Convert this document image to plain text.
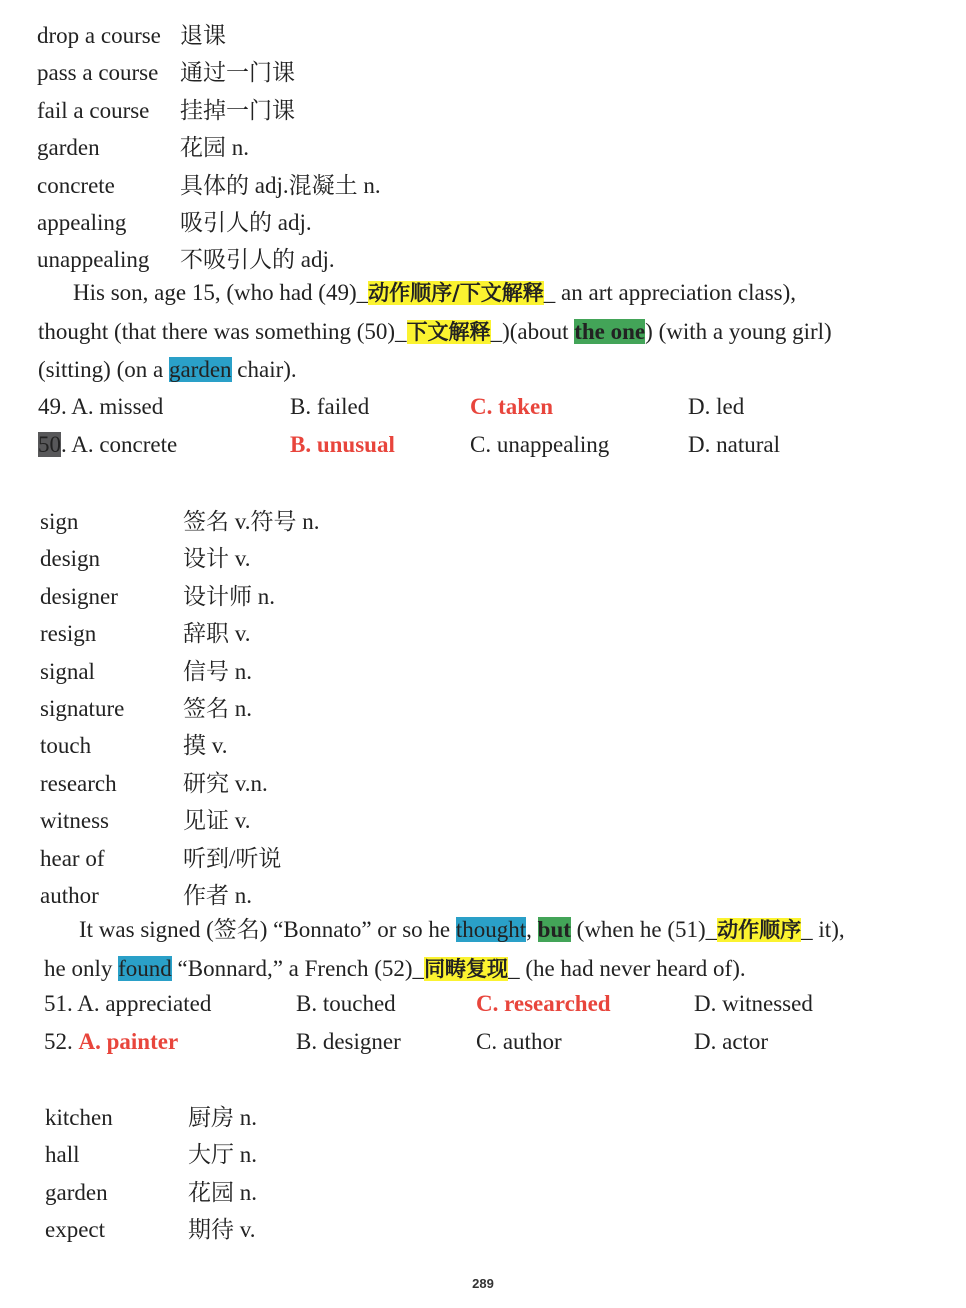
drop a course 退课
pass a course 通过一门课
fail a course 挂掉一门课
garden	花园 n.
concrete	具体的 adj.混凝土 n.
appealing 吸引人的 adj.
unappealing 不吸引人的 adj.
His son, age 15, (who had (49)_动作顺序/下文解释_ an art appreciation class),
thought (that there was something (50)_下文解释_)(about the one) (with a young girl)
(sitting) (on a garden chair).
49. A. missed	B. failed	C. taken	D. led
50. A. concrete	B. unusual	C. unappealing	D. natural
sign	签名 v.符号 n.
design	设计 v.
designer	设计师 n.
resign	辞职 v.
signal	信号 n.
signature	签名 n.
touch	摸 v.
research	研究 v.n.
witness	见证 v.
hear of	听到/听说
author	作者 n.
It was signed (签名) “Bonnato” or so he thought, but (when he (51)_动作顺序_ it),
he only found “Bonnard,” a French (52)_同畴复现_ (he had never heard of).
51. A. appreciated	B. touched	C. researched	D. witnessed
52. A. painter	B. designer	C. author	D. actor
kitchen	厨房 n.
hall	大厅 n.
garden	花园 n.
expect	期待 v.
289
